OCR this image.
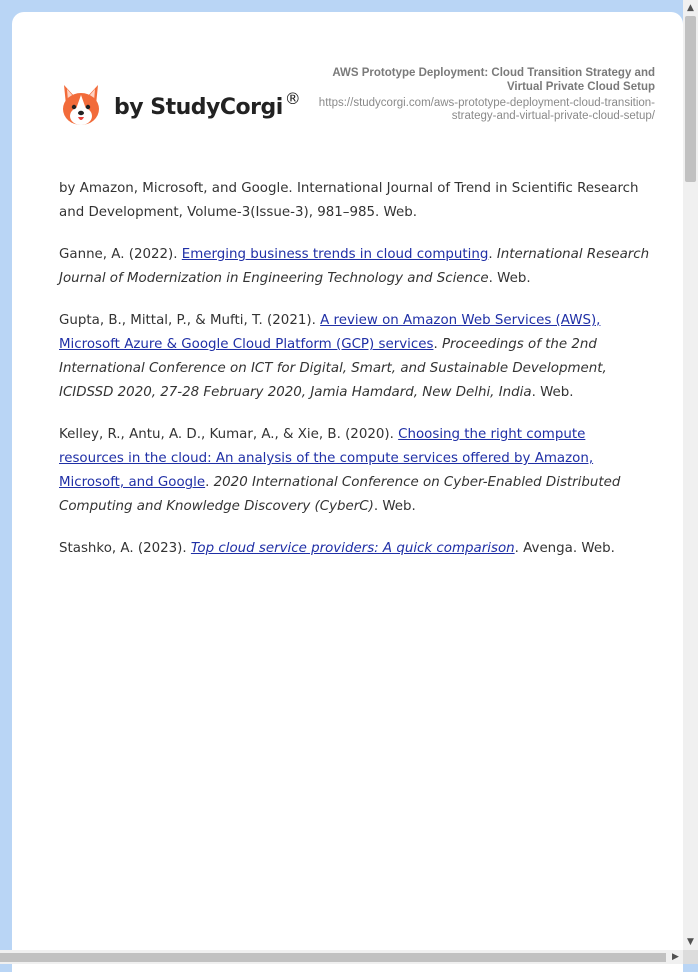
by StudyCorgi ®
AWS Prototype Deployment: Cloud Transition Strategy and Virtual Private Cloud Setup
https://studycorgi.com/aws-prototype-deployment-cloud-transition-strategy-and-virtual-private-cloud-setup/

by Amazon, Microsoft, and Google. International Journal of Trend in Scientific Research and Development, Volume-3(Issue-3), 981–985. Web.

Ganne, A. (2022). Emerging business trends in cloud computing. International Research Journal of Modernization in Engineering Technology and Science. Web.

Gupta, B., Mittal, P., & Mufti, T. (2021). A review on Amazon Web Services (AWS), Microsoft Azure & Google Cloud Platform (GCP) services. Proceedings of the 2nd International Conference on ICT for Digital, Smart, and Sustainable Development, ICIDSSD 2020, 27-28 February 2020, Jamia Hamdard, New Delhi, India. Web.

Kelley, R., Antu, A. D., Kumar, A., & Xie, B. (2020). Choosing the right compute resources in the cloud: An analysis of the compute services offered by Amazon, Microsoft, and Google. 2020 International Conference on Cyber-Enabled Distributed Computing and Knowledge Discovery (CyberC). Web.

Stashko, A. (2023). Top cloud service providers: A quick comparison. Avenga. Web.

▲
▼
▶
